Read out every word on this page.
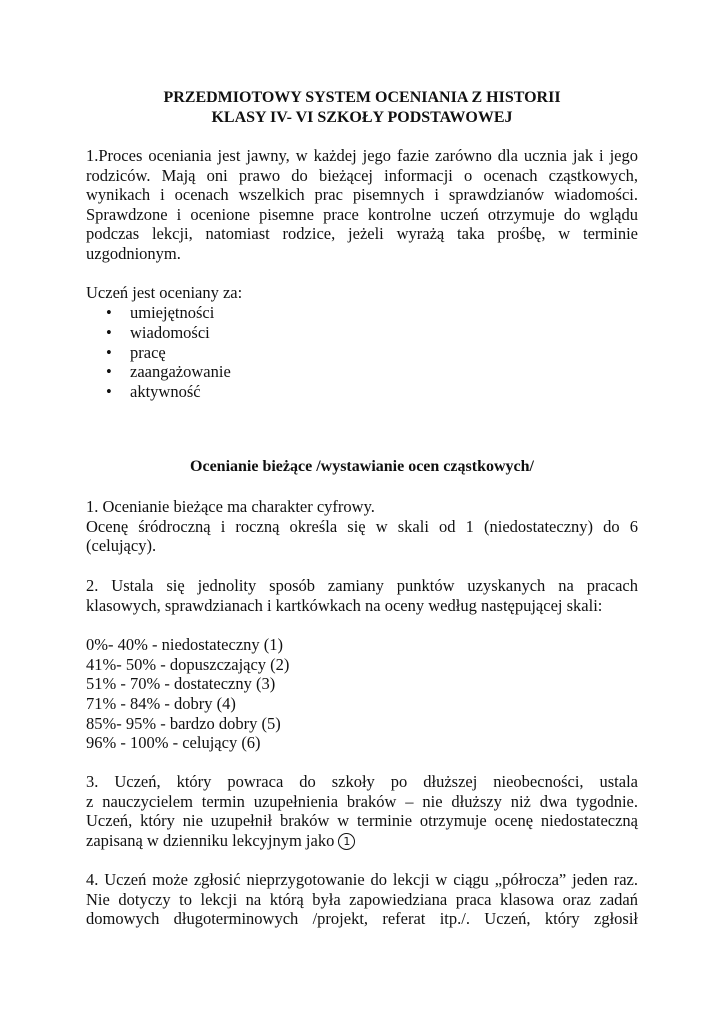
PRZEDMIOTOWY SYSTEM OCENIANIA Z HISTORII
KLASY IV- VI SZKOŁY PODSTAWOWEJ
1.Proces oceniania jest jawny, w każdej jego fazie zarówno dla ucznia jak i jego
rodziców. Mają oni prawo do bieżącej informacji o ocenach cząstkowych,
wynikach i ocenach wszelkich prac pisemnych i sprawdzianów wiadomości.
Sprawdzone i ocenione pisemne prace kontrolne uczeń otrzymuje do wglądu
podczas lekcji, natomiast rodzice, jeżeli wyrażą taka prośbę, w terminie
uzgodnionym.
Uczeń jest oceniany za:
• umiejętności
• wiadomości
• pracę
• zaangażowanie
• aktywność
Ocenianie bieżące /wystawianie ocen cząstkowych/
1. Ocenianie bieżące ma charakter cyfrowy.
Ocenę śródroczną i roczną określa się w skali od 1 (niedostateczny) do 6
(celujący).
2. Ustala się jednolity sposób zamiany punktów uzyskanych na pracach
klasowych, sprawdzianach i kartkówkach na oceny według następującej skali:
0%- 40% - niedostateczny (1)
41%- 50% - dopuszczający (2)
51% - 70% - dostateczny (3)
71% - 84% - dobry (4)
85%- 95% - bardzo dobry (5)
96% - 100% - celujący (6)
3. Uczeń, który powraca do szkoły po dłuższej nieobecności, ustala
z nauczycielem termin uzupełnienia braków – nie dłuższy niż dwa tygodnie.
Uczeń, który nie uzupełnił braków w terminie otrzymuje ocenę niedostateczną
zapisaną w dzienniku lekcyjnym jako 1
4. Uczeń może zgłosić nieprzygotowanie do lekcji w ciągu „półrocza” jeden raz.
Nie dotyczy to lekcji na którą była zapowiedziana praca klasowa oraz zadań
domowych długoterminowych /projekt, referat itp./. Uczeń, który zgłosił
